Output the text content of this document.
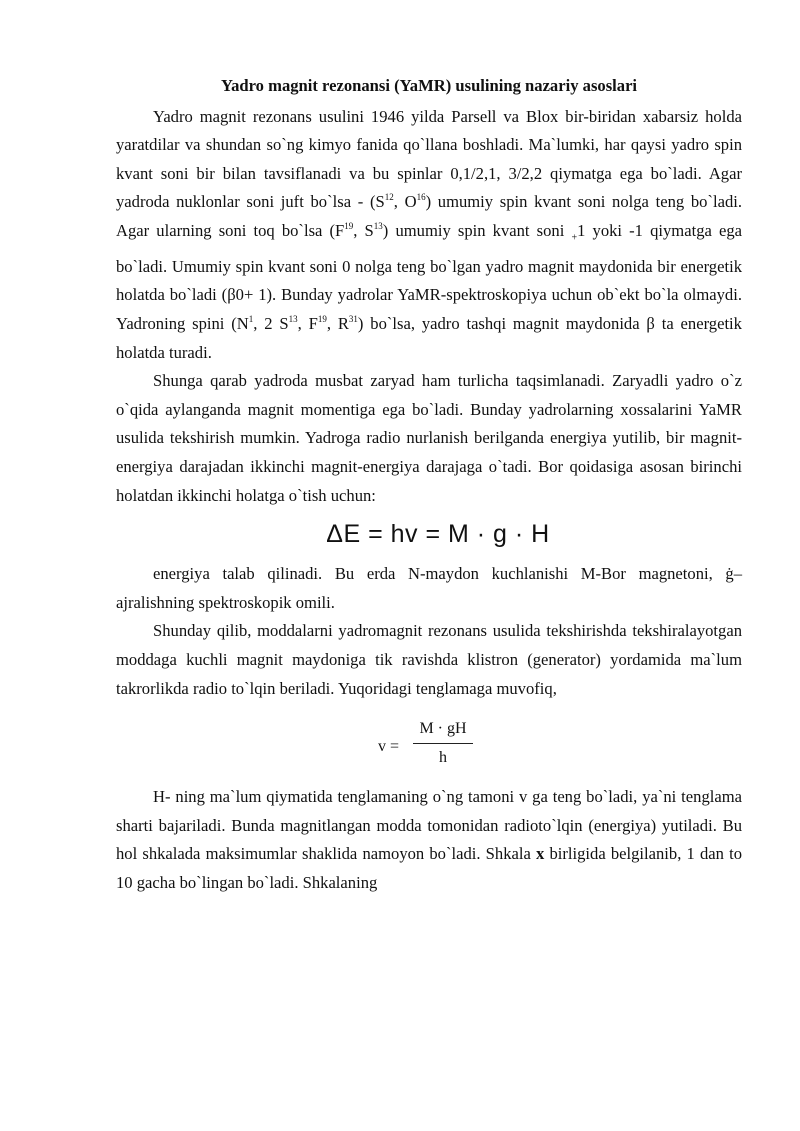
Yadro magnit rezonansi (YaMR) usulining nazariy asoslari

Yadro magnit rezonans usulini 1946 yilda Parsell va Blox bir-biridan xabarsiz holda yaratdilar va shundan so`ng kimyo fanida qo`llana boshladi. Ma`lumki, har qaysi yadro spin kvant soni bir bilan tavsiflanadi va bu spinlar 0,1/2,1, 3/2,2 qiymatga ega bo`ladi. Agar yadroda nuklonlar soni juft bo`lsa - ($S^{12}$, $O^{16}$) umumiy spin kvant soni nolga teng bo`ladi. Agar ularning soni toq bo`lsa ($F^{19}$, $S^{13}$) umumiy spin kvant soni $_+$1 yoki -1 qiymatga ega bo`ladi. Umumiy spin kvant soni 0 nolga teng bo`lgan yadro magnit maydonida bir energetik holatda bo`ladi (β0+ 1). Bunday yadrolar YaMR-spektroskopiya uchun ob`ekt bo`la olmaydi. Yadroning spini ($N^1$, 2 $S^{13}$, $F^{19}$, $R^{31}$) bo`lsa, yadro tashqi magnit maydonida β ta energetik holatda turadi.

Shunga qarab yadroda musbat zaryad ham turlicha taqsimlanadi. Zaryadli yadro o`z o`qida aylanganda magnit momentiga ega bo`ladi. Bunday yadrolarning xossalarini YaMR usulida tekshirish mumkin. Yadroga radio nurlanish berilganda energiya yutilib, bir magnit-energiya darajadan ikkinchi magnit-energiya darajaga o`tadi. Bor qoidasiga asosan birinchi holatdan ikkinchi holatga o`tish uchun:

ΔE = hv = M · g · H

energiya talab qilinadi. Bu erda N-maydon kuchlanishi M-Bor magnetoni, ġ–ajralishning spektroskopik omili.

Shunday qilib, moddalarni yadromagnit rezonans usulida tekshirishda tekshiralayotgan moddaga kuchli magnit maydoniga tik ravishda klistron (generator) yordamida ma`lum takrorlikda radio to`lqin beriladi. Yuqoridagi tenglamaga muvofiq,

$v = \frac{M \cdot gH}{h}$

H- ning ma`lum qiymatida tenglamaning o`ng tamoni v ga teng bo`ladi, ya`ni tenglama sharti bajariladi. Bunda magnitlangan modda tomonidan radioto`lqin (energiya) yutiladi. Bu hol shkalada maksimumlar shaklida namoyon bo`ladi. Shkala x birligida belgilanib, 1 dan to 10 gacha bo`lingan bo`ladi. Shkalaning
